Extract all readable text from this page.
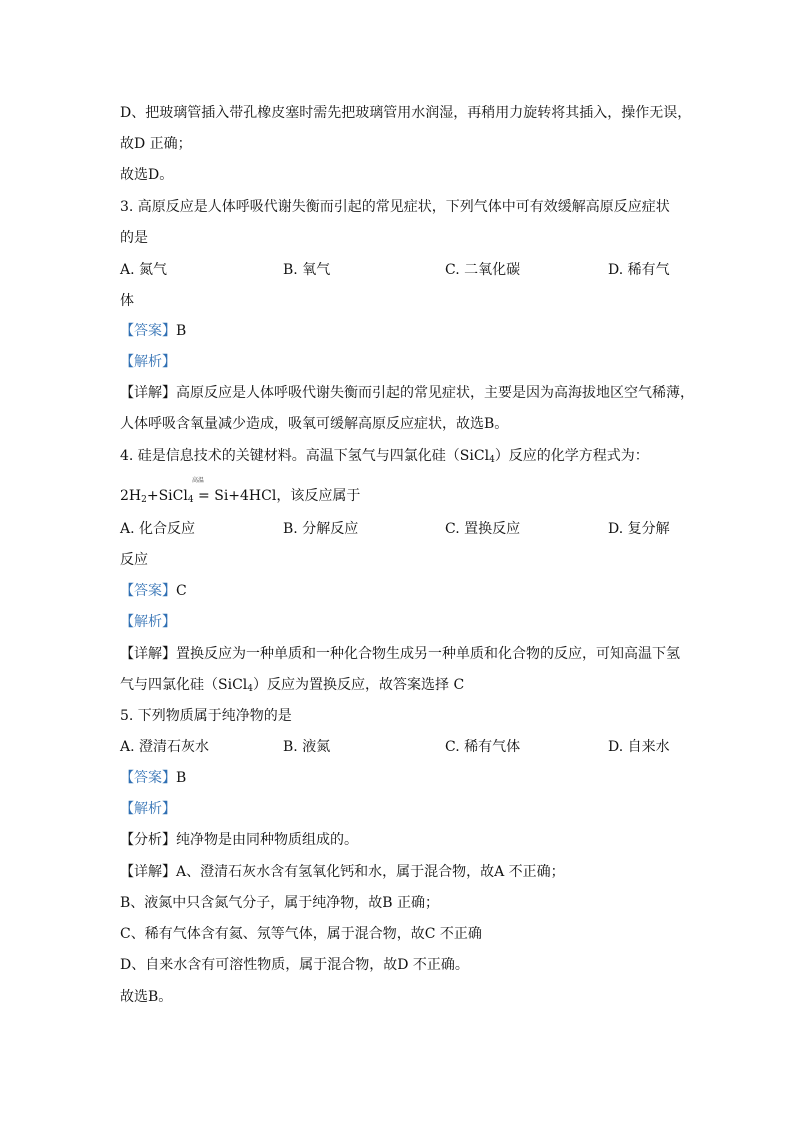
D、把玻璃管插入带孔橡皮塞时需先把玻璃管用水润湿，再稍用力旋转将其插入，操作无误，
故D 正确；
故选D。
3. 高原反应是人体呼吸代谢失衡而引起的常见症状，下列气体中可有效缓解高原反应症状
的是
A. 氮气	B. 氧气	C. 二氧化碳	D. 稀有气
体
【答案】B
【解析】
【详解】高原反应是人体呼吸代谢失衡而引起的常见症状，主要是因为高海拔地区空气稀薄，
人体呼吸含氧量减少造成，吸氧可缓解高原反应症状，故选B。
4. 硅是信息技术的关键材料。高温下氢气与四氯化硅（SiCl$_4$）反应的化学方程式为：
高温
$2H_2+SiCl_4 = Si+4HCl$，该反应属于
A. 化合反应	B. 分解反应	C. 置换反应	D. 复分解
反应
【答案】C
【解析】
【详解】置换反应为一种单质和一种化合物生成另一种单质和化合物的反应，可知高温下氢
气与四氯化硅（SiCl$_4$）反应为置换反应，故答案选择 C
5. 下列物质属于纯净物的是
A. 澄清石灰水	B. 液氮	C. 稀有气体	D. 自来水
【答案】B
【解析】
【分析】纯净物是由同种物质组成的。
【详解】A、澄清石灰水含有氢氧化钙和水，属于混合物，故A 不正确；
B、液氮中只含氮气分子，属于纯净物，故B 正确；
C、稀有气体含有氦、氖等气体，属于混合物，故C 不正确
D、自来水含有可溶性物质，属于混合物，故D 不正确。
故选B。
